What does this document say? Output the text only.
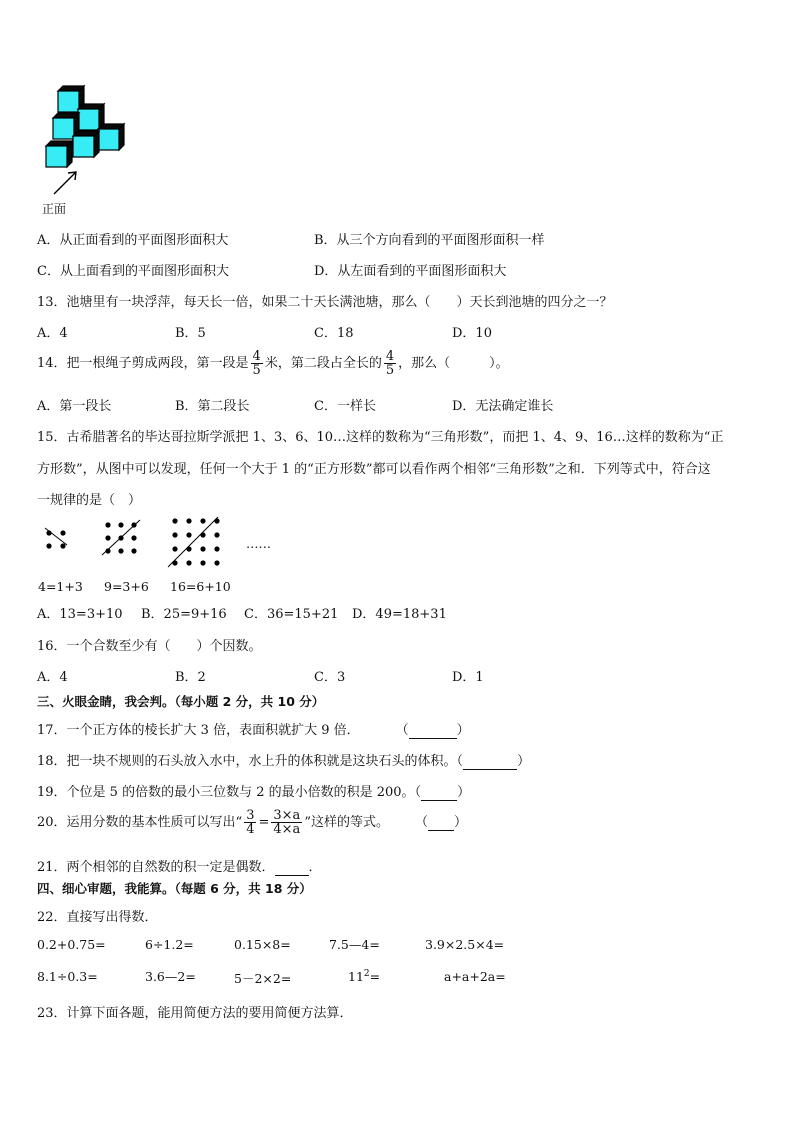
正面
A．从正面看到的平面图形面积大	B．从三个方向看到的平面图形面积一样
C．从上面看到的平面图形面积大	D．从左面看到的平面图形面积大
13．池塘里有一块浮萍，每天长一倍，如果二十天长满池塘，那么（　　）天长到池塘的四分之一？
A．4	B．5	C．18	D．10
14．把一根绳子剪成两段，第一段是 $\frac{4}{5}$ 米，第二段占全长的 $\frac{4}{5}$ ，那么（　　　）。
A．第一段长	B．第二段长	C．一样长	D．无法确定谁长
15．古希腊著名的毕达哥拉斯学派把 1、3、6、10…这样的数称为“三角形数”，而把 1、4、9、16…这样的数称为“正
方形数”，从图中可以发现，任何一个大于 1 的“正方形数”都可以看作两个相邻“三角形数”之和．下列等式中，符合这
一规律的是（　）
……
4=1+3 9=3+6 16=6+10
A．13=3+10 B．25=9+16 C．36=15+21 D．49=18+31
16．一个合数至少有（　　）个因数。
A．4	B．2	C．3	D．1
三、火眼金睛，我会判。（每小题 2 分，共 10 分）
17．一个正方体的棱长扩大 3 倍，表面积就扩大 9 倍．	（	）
18．把一块不规则的石头放入水中，水上升的体积就是这块石头的体积。（	）
19．个位是 5 的倍数的最小三位数与 2 的最小倍数的积是 200。（	）
20．运用分数的基本性质可以写出“ $\frac{3}{4} = \frac{3\times a}{4\times a}$ ”这样的等式。 （ ）
21．两个相邻的自然数的积一定是偶数．	．
四、细心审题，我能算。（每题 6 分，共 18 分）
22．直接写出得数．
0.2+0.75=	6÷1.2=	0.15×8=	7.5—4=	3.9×2.5×4=
8.1÷0.3=	3.6—2=	5－2×2=	$11^2=$	a+a+2a=
23．计算下面各题，能用简便方法的要用简便方法算．
